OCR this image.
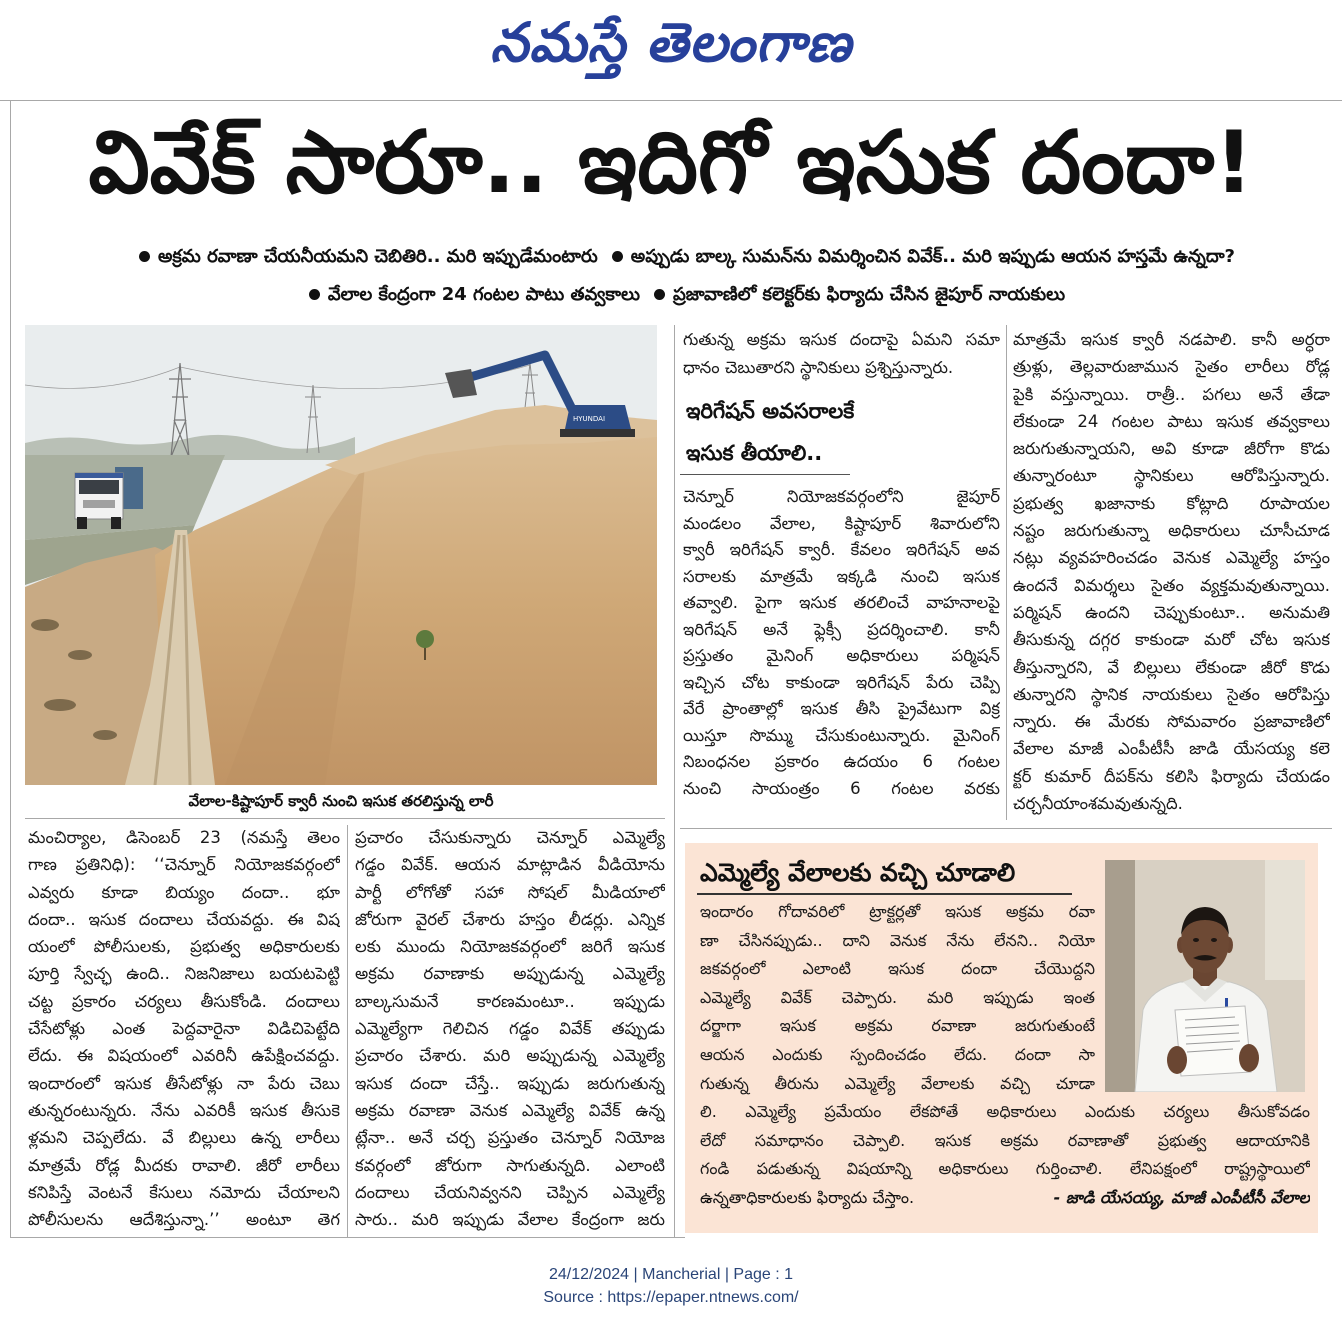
నమస్తే తెలంగాణ
వివేక్ సారూ.. ఇదిగో ఇసుక దందా!
అక్రమ రవాణా చేయనీయమని చెబితిరి.. మరి ఇప్పుడేమంటారు అప్పుడు బాల్క సుమన్‌ను విమర్శించిన వివేక్.. మరి ఇప్పుడు ఆయన హస్తమే ఉన్నదా?
వేలాల కేంద్రంగా 24 గంటల పాటు తవ్వకాలు ప్రజావాణిలో కలెక్టర్‌కు ఫిర్యాదు చేసిన జైపూర్ నాయకులు
HYUNDAI
వేలాల-కిష్టాపూర్ క్వారీ నుంచి ఇసుక తరలిస్తున్న లారీ
మంచిర్యాల, డిసెంబర్ 23 (నమస్తే తెలం
గాణ ప్రతినిధి): ‘‘చెన్నూర్ నియోజకవర్గంలో
ఎవ్వరు కూడా బియ్యం దందా.. భూ
దందా.. ఇసుక దందాలు చేయవద్దు. ఈ విష
యంలో పోలీసులకు, ప్రభుత్వ అధికారులకు
పూర్తి స్వేచ్ఛ ఉంది.. నిజనిజాలు బయటపెట్టి
చట్ట ప్రకారం చర్యలు తీసుకోండి. దందాలు
చేసేటోళ్లు ఎంత పెద్దవారైనా విడిచిపెట్టేది
లేదు. ఈ విషయంలో ఎవరినీ ఉపేక్షించవద్దు.
ఇందారంలో ఇసుక తీసేటోళ్లు నా పేరు చెబు
తున్నరంటున్నరు. నేను ఎవరికీ ఇసుక తీసుకె
ళ్లమని చెప్పలేదు. వే బిల్లులు ఉన్న లారీలు
మాత్రమే రోడ్ల మీదకు రావాలి. జీరో లారీలు
కనిపిస్తే వెంటనే కేసులు నమోదు చేయాలని
పోలీసులను ఆదేశిస్తున్నా.’’ అంటూ తెగ
ప్రచారం చేసుకున్నారు చెన్నూర్ ఎమ్మెల్యే
గడ్డం వివేక్. ఆయన మాట్లాడిన వీడియోను
పార్టీ లోగోతో సహా సోషల్ మీడియాలో
జోరుగా వైరల్ చేశారు హస్తం లీడర్లు. ఎన్నిక
లకు ముందు నియోజకవర్గంలో జరిగే ఇసుక
అక్రమ రవాణాకు అప్పుడున్న ఎమ్మెల్యే
బాల్కసుమనే కారణమంటూ.. ఇప్పుడు
ఎమ్మెల్యేగా గెలిచిన గడ్డం వివేక్ తప్పుడు
ప్రచారం చేశారు. మరి అప్పుడున్న ఎమ్మెల్యే
ఇసుక దందా చేస్తే.. ఇప్పుడు జరుగుతున్న
అక్రమ రవాణా వెనుక ఎమ్మెల్యే వివేక్ ఉన్న
ట్లేనా.. అనే చర్చ ప్రస్తుతం చెన్నూర్ నియోజ
కవర్గంలో జోరుగా సాగుతున్నది. ఎలాంటి
దందాలు చేయనివ్వనని చెప్పిన ఎమ్మెల్యే
సారు.. మరి ఇప్పుడు వేలాల కేంద్రంగా జరు
గుతున్న అక్రమ ఇసుక దందాపై ఏమని సమా
ధానం చెబుతారని స్థానికులు ప్రశ్నిస్తున్నారు.
ఇరిగేషన్ అవసరాలకే
ఇసుక తీయాలి..
చెన్నూర్ నియోజకవర్గంలోని జైపూర్
మండలం వేలాల, కిష్టాపూర్ శివారులోని
క్వారీ ఇరిగేషన్ క్వారీ. కేవలం ఇరిగేషన్ అవ
సరాలకు మాత్రమే ఇక్కడి నుంచి ఇసుక
తవ్వాలి. పైగా ఇసుక తరలించే వాహనాలపై
ఇరిగేషన్ అనే ఫ్లెక్సీ ప్రదర్శించాలి. కానీ
ప్రస్తుతం మైనింగ్ అధికారులు పర్మిషన్
ఇచ్చిన చోట కాకుండా ఇరిగేషన్ పేరు చెప్పి
వేరే ప్రాంతాల్లో ఇసుక తీసి ప్రైవేటుగా విక్ర
యిస్తూ సొమ్ము చేసుకుంటున్నారు. మైనింగ్
నిబంధనల ప్రకారం ఉదయం 6 గంటల
నుంచి సాయంత్రం 6 గంటల వరకు
మాత్రమే ఇసుక క్వారీ నడపాలి. కానీ అర్ధరా
త్రుళ్లు, తెల్లవారుజామున సైతం లారీలు రోడ్ల
పైకి వస్తున్నాయి. రాత్రీ.. పగలు అనే తేడా
లేకుండా 24 గంటల పాటు ఇసుక తవ్వకాలు
జరుగుతున్నాయని, అవి కూడా జీరోగా కొడు
తున్నారంటూ స్థానికులు ఆరోపిస్తున్నారు.
ప్రభుత్వ ఖజానాకు కోట్లాది రూపాయల
నష్టం జరుగుతున్నా అధికారులు చూసీచూడ
నట్లు వ్యవహరించడం వెనుక ఎమ్మెల్యే హస్తం
ఉందనే విమర్శలు సైతం వ్యక్తమవుతున్నాయి.
పర్మిషన్ ఉందని చెప్పుకుంటూ.. అనుమతి
తీసుకున్న దగ్గర కాకుండా మరో చోట ఇసుక
తీస్తున్నారని, వే బిల్లులు లేకుండా జీరో కొడు
తున్నారని స్థానిక నాయకులు సైతం ఆరోపిస్తు
న్నారు. ఈ మేరకు సోమవారం ప్రజావాణిలో
వేలాల మాజీ ఎంపీటీసీ జాడి యేసయ్య కలె
క్టర్ కుమార్ దీపక్‌ను కలిసి ఫిర్యాదు చేయడం
చర్చనీయాంశమవుతున్నది.
ఎమ్మెల్యే వేలాలకు వచ్చి చూడాలి
ఇందారం గోదావరిలో ట్రాక్టర్లతో ఇసుక అక్రమ రవా
ణా చేసినప్పుడు.. దాని వెనుక నేను లేనని.. నియో
జకవర్గంలో ఎలాంటి ఇసుక దందా చేయొద్దని
ఎమ్మెల్యే వివేక్ చెప్పారు. మరి ఇప్పుడు ఇంత
దర్జాగా ఇసుక అక్రమ రవాణా జరుగుతుంటే
ఆయన ఎందుకు స్పందించడం లేదు. దందా సా
గుతున్న తీరును ఎమ్మెల్యే వేలాలకు వచ్చి చూడా
లి. ఎమ్మెల్యే ప్రమేయం లేకపోతే అధికారులు ఎందుకు చర్యలు తీసుకోవడం
లేదో సమాధానం చెప్పాలి. ఇసుక అక్రమ రవాణాతో ప్రభుత్వ ఆదాయానికి
గండి పడుతున్న విషయాన్ని అధికారులు గుర్తించాలి. లేనిపక్షంలో రాష్ట్రస్థాయిలో
ఉన్నతాధికారులకు ఫిర్యాదు చేస్తాం.	- జాడి యేసయ్య, మాజీ ఎంపీటీసీ వేలాల
24/12/2024 | Mancherial | Page : 1
Source : https://epaper.ntnews.com/
